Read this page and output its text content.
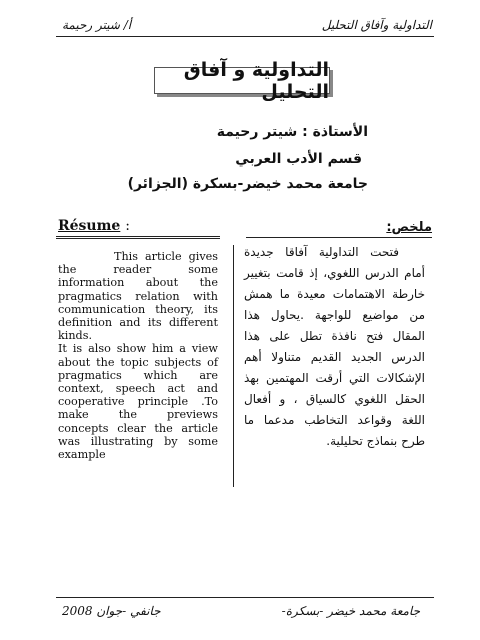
أ/ شيتر رحيمة	التداولية وآفاق التحليل
التداولية و آفاق التحليل
الأستاذة : شيتر رحيمة
قسم الأدب العربي
جامعة محمد خيضر-بسكرة (الجزائر)
Résume :

This article gives the reader some information about the pragmatics relation with communication theory, its definition and its different kinds.

It is also show him a view about the topic subjects of pragmatics which are context, speech act and cooperative principle .To make the previews concepts clear the article was illustrating by some example

ملخص:

فتحت التداولية آفاقا جديدة أمام الدرس اللغوي، إذ قامت بتغيير خارطة الاهتمامات معيدة ما همش من مواضيع للواجهة .يحاول هذا المقال فتح نافذة تطل على هذا الدرس الجديد القديم متناولا أهم الإشكالات التي أرقت المهتمين بهذ الحقل اللغوي كالسياق ، و أفعال اللغة وقواعد التخاطب مدعما ما طرح بنماذج تحليلية.

جانفي -جوان 2008	جامعة محمد خيضر -بسكرة-
